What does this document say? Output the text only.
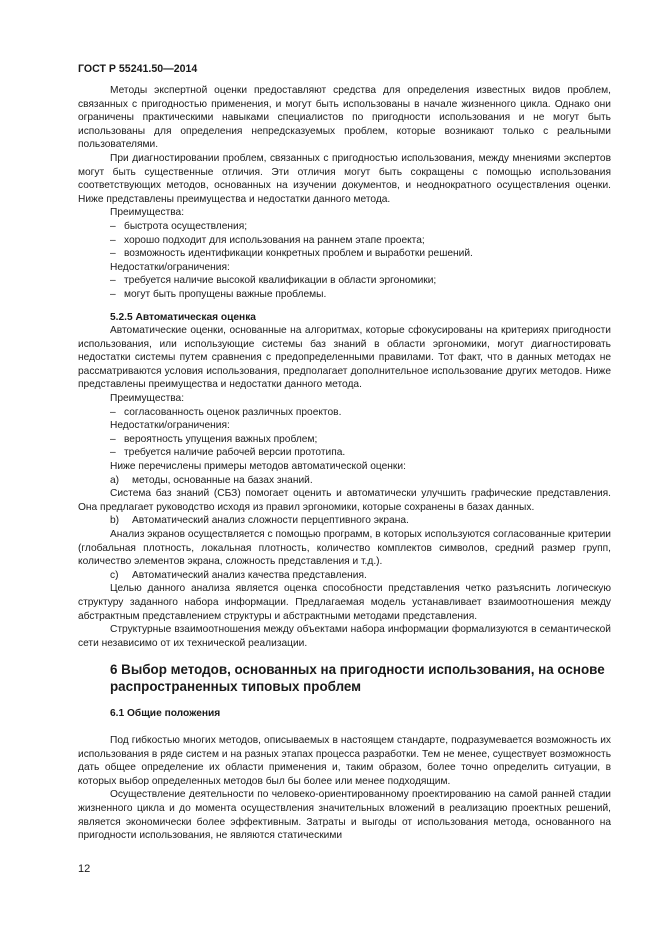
ГОСТ Р 55241.50—2014

Методы экспертной оценки предоставляют средства для определения известных видов проблем, связанных с пригодностью применения, и могут быть использованы в начале жизненного цикла. Однако они ограничены практическими навыками специалистов по пригодности использования и не могут быть использованы для определения непредсказуемых проблем, которые возникают только с реальными пользователями.

При диагностировании проблем, связанных с пригодностью использования, между мнениями экспертов могут быть существенные отличия. Эти отличия могут быть сокращены с помощью использования соответствующих методов, основанных на изучении документов, и неоднократного осуществления оценки. Ниже представлены преимущества и недостатки данного метода.

Преимущества:

– быстрота осуществления;
– хорошо подходит для использования на раннем этапе проекта;
– возможность идентификации конкретных проблем и выработки решений.

Недостатки/ограничения:

– требуется наличие высокой квалификации в области эргономики;
– могут быть пропущены важные проблемы.
5.2.5 Автоматическая оценка

Автоматические оценки, основанные на алгоритмах, которые сфокусированы на критериях пригодности использования, или использующие системы баз знаний в области эргономики, могут диагностировать недостатки системы путем сравнения с предопределенными правилами. Тот факт, что в данных методах не рассматриваются условия использования, предполагает дополнительное использование других методов. Ниже представлены преимущества и недостатки данного метода.

Преимущества:

– согласованность оценок различных проектов.

Недостатки/ограничения:

– вероятность упущения важных проблем;
– требуется наличие рабочей версии прототипа.

Ниже перечислены примеры методов автоматической оценки:

a)	методы, основанные на базах знаний.

Система баз знаний (СБЗ) помогает оценить и автоматически улучшить графические представления. Она предлагает руководство исходя из правил эргономики, которые сохранены в базах данных.

b)	Автоматический анализ сложности перцептивного экрана.

Анализ экранов осуществляется с помощью программ, в которых используются согласованные критерии (глобальная плотность, локальная плотность, количество комплектов символов, средний размер групп, количество элементов экрана, сложность представления и т.д.).

c)	Автоматический анализ качества представления.

Целью данного анализа является оценка способности представления четко разъяснить логическую структуру заданного набора информации. Предлагаемая модель устанавливает взаимоотношения между абстрактным представлением структуры и абстрактными методами представления.

Структурные взаимоотношения между объектами набора информации формализуются в семантической сети независимо от их технической реализации.

6 Выбор методов, основанных на пригодности использования, на основе распространенных типовых проблем
6.1 Общие положения

Под гибкостью многих методов, описываемых в настоящем стандарте, подразумевается возможность их использования в ряде систем и на разных этапах процесса разработки. Тем не менее, существует возможность дать общее определение их области применения и, таким образом, более точно определить ситуации, в которых выбор определенных методов был бы более или менее подходящим.

Осуществление деятельности по человеко-ориентированному проектированию на самой ранней стадии жизненного цикла и до момента осуществления значительных вложений в реализацию проектных решений, является экономически более эффективным. Затраты и выгоды от использования метода, основанного на пригодности использования, не являются статическими

12
